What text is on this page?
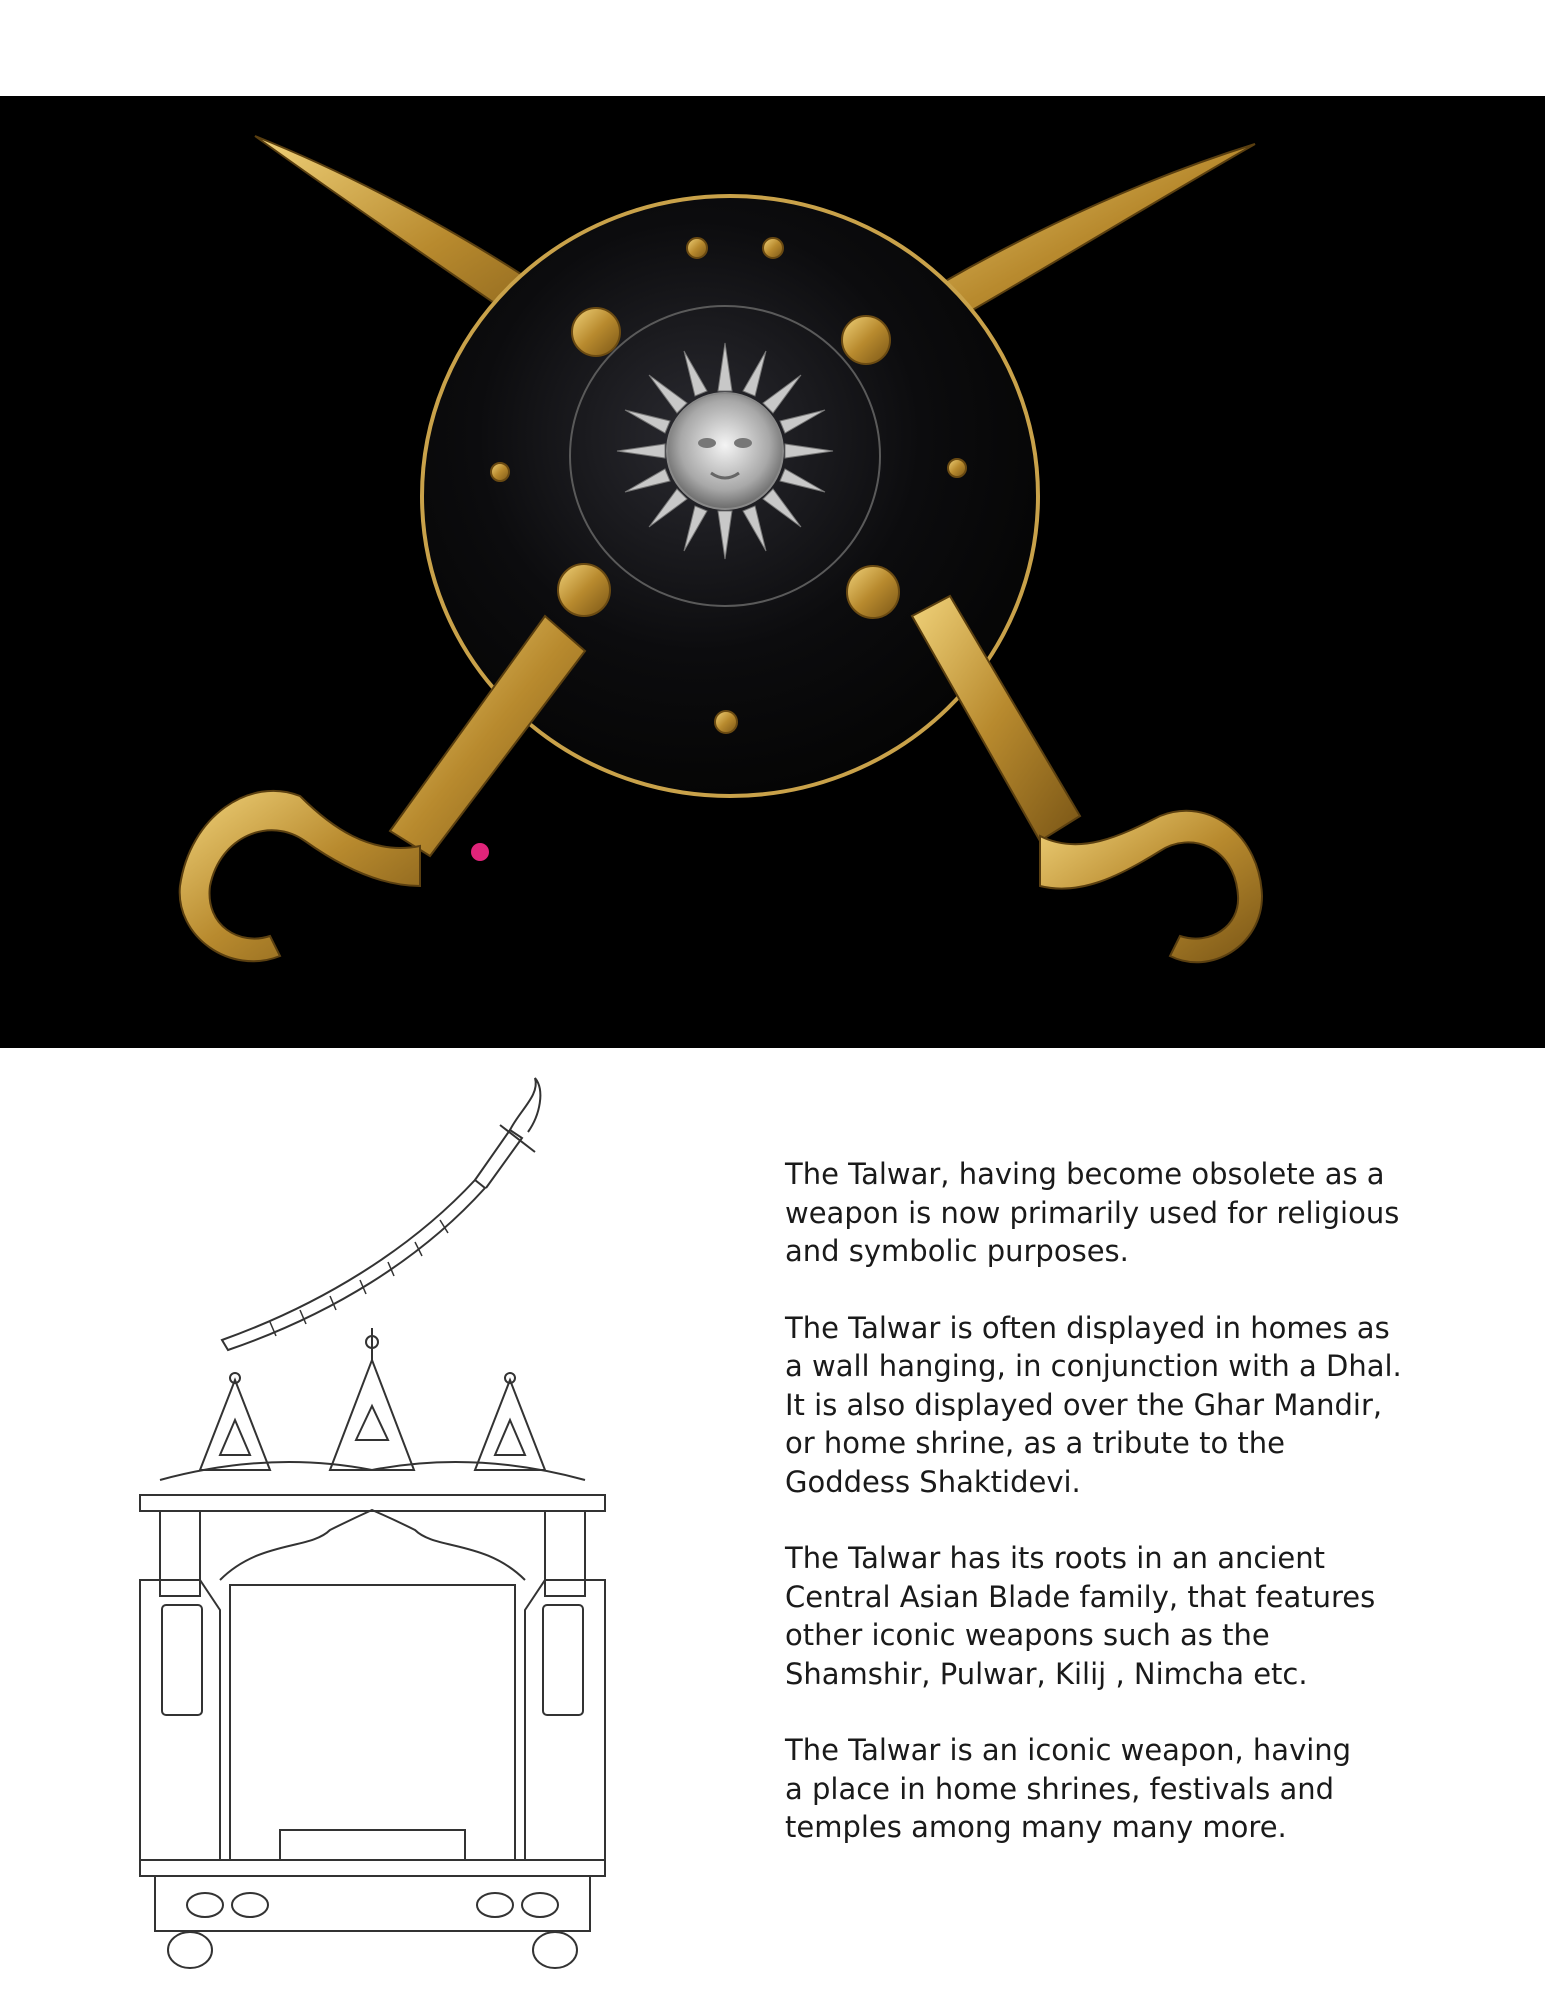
The Talwar, having become obsolete as a
weapon is now primarily used for religious
and symbolic purposes.

The Talwar is often displayed in homes as
a wall hanging, in conjunction with a Dhal.
It is also displayed over the Ghar Mandir,
or home shrine, as a tribute to the
Goddess Shaktidevi.

The Talwar has its roots in an ancient
Central Asian Blade family, that features
other iconic weapons such as the
Shamshir, Pulwar, Kilij , Nimcha etc.

The Talwar is an iconic weapon, having
a place in home shrines, festivals and
temples among many many more.
